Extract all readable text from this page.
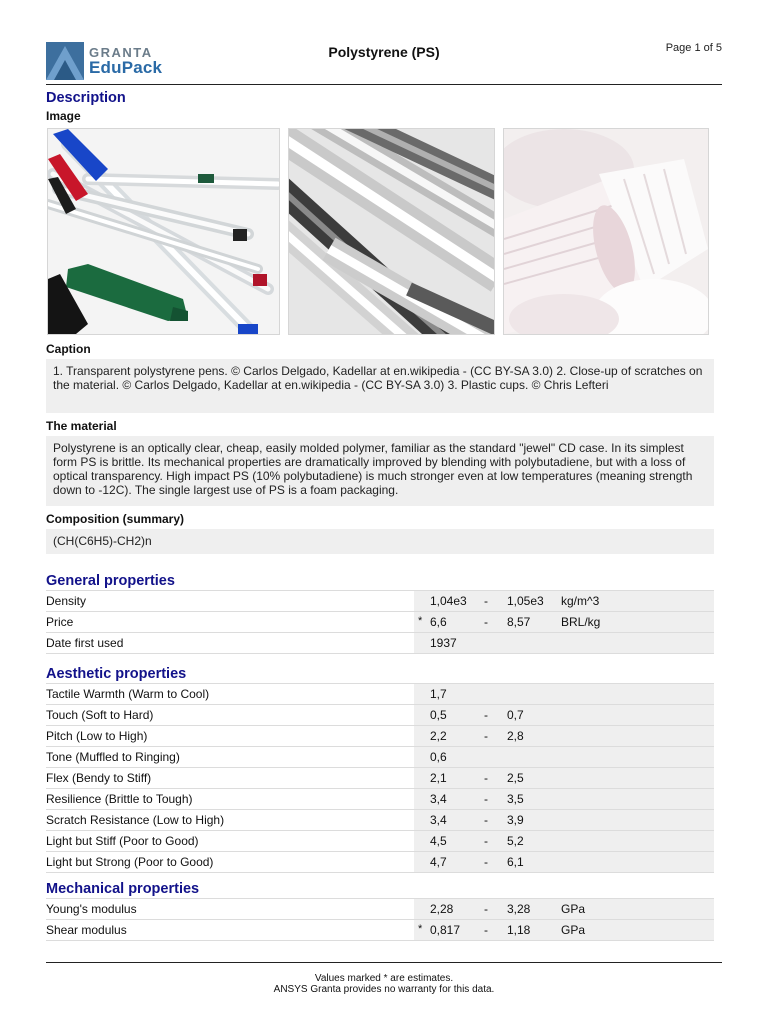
GRANTA
EduPack
Polystyrene (PS)	Page 1 of 5
Description
Image
Caption
1. Transparent polystyrene pens. © Carlos Delgado, Kadellar at en.wikipedia - (CC BY-SA 3.0) 2. Close-up of scratches on the material. © Carlos Delgado, Kadellar at en.wikipedia - (CC BY-SA 3.0) 3. Plastic cups. © Chris Lefteri
The material
Polystyrene is an optically clear, cheap, easily molded polymer, familiar as the standard "jewel" CD case. In its simplest form PS is brittle. Its mechanical properties are dramatically improved by blending with polybutadiene, but with a loss of optical transparency. High impact PS (10% polybutadiene) is much stronger even at low temperatures (meaning strength down to -12C). The single largest use of PS is a foam packaging.
Composition (summary)
(CH(C6H5)-CH2)n
General properties
Density	1,04e3 - 1,05e3 kg/m^3
Price	* 6,6	- 8,57	BRL/kg
Date first used	1937
Aesthetic properties
Tactile Warmth (Warm to Cool)	1,7
Touch (Soft to Hard)	0,5	- 0,7
Pitch (Low to High)	2,2	- 2,8
Tone (Muffled to Ringing)	0,6
Flex (Bendy to Stiff)	2,1	- 2,5
Resilience (Brittle to Tough)	3,4	- 3,5
Scratch Resistance (Low to High)	3,4	- 3,9
Light but Stiff (Poor to Good)	4,5	- 5,2
Light but Strong (Poor to Good)	4,7	- 6,1
Mechanical properties
Young's modulus	2,28	- 3,28	GPa
Shear modulus	* 0,817 - 1,18	GPa
Values marked * are estimates.
ANSYS Granta provides no warranty for this data.
